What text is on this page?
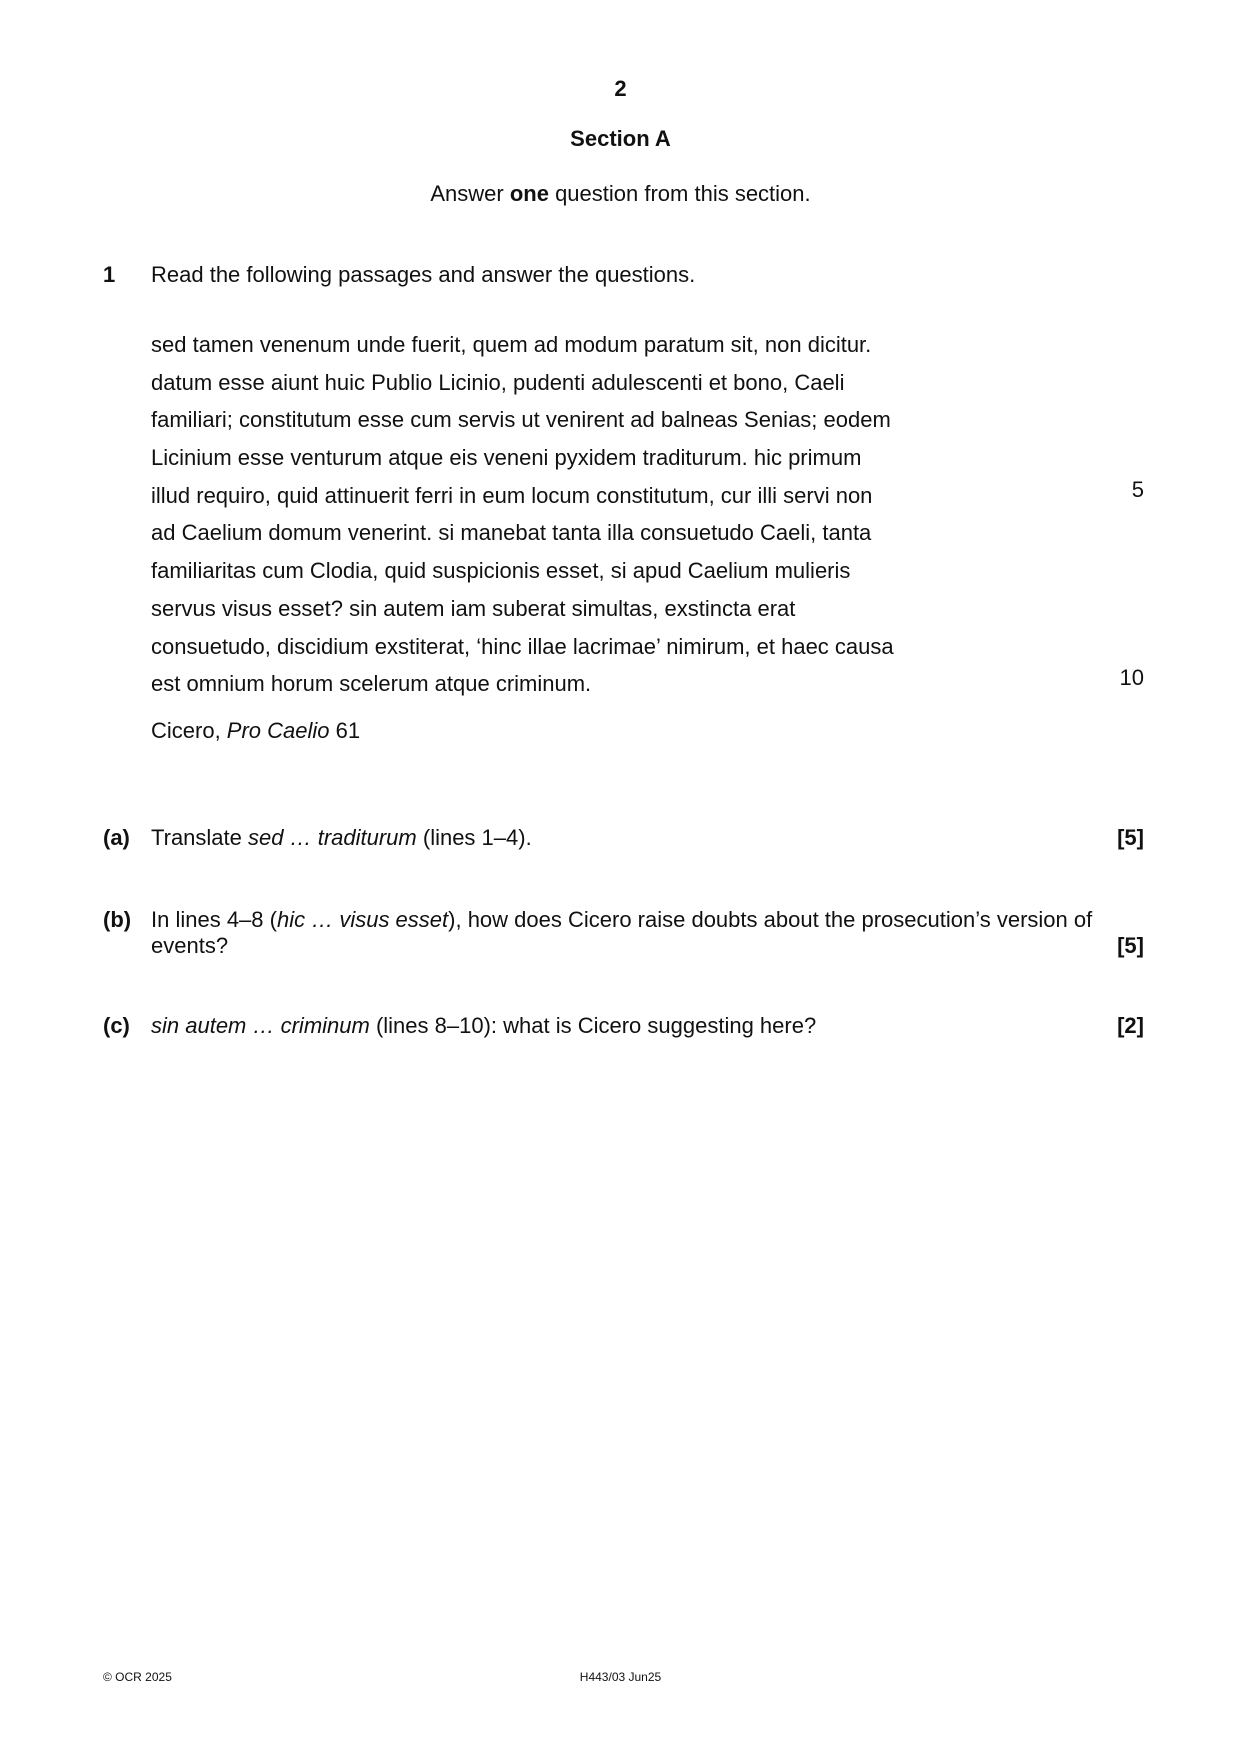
2
Section A
Answer one question from this section.
1 Read the following passages and answer the questions.
sed tamen venenum unde fuerit, quem ad modum paratum sit, non dicitur.
datum esse aiunt huic Publio Licinio, pudenti adulescenti et bono, Caeli
familiari; constitutum esse cum servis ut venirent ad balneas Senias; eodem
Licinium esse venturum atque eis veneni pyxidem traditurum. hic primum
illud requiro, quid attinuerit ferri in eum locum constitutum, cur illi servi non
ad Caelium domum venerint. si manebat tanta illa consuetudo Caeli, tanta
familiaritas cum Clodia, quid suspicionis esset, si apud Caelium mulieris
servus visus esset? sin autem iam suberat simultas, exstincta erat
consuetudo, discidium exstiterat, ‘hinc illae lacrimae’ nimirum, et haec causa
est omnium horum scelerum atque criminum.
5
10
Cicero, Pro Caelio 61
(a) Translate sed … traditurum (lines 1–4).	[5]
(b) In lines 4–8 (hic … visus esset), how does Cicero raise doubts about the prosecution’s version of events?	[5]
(c) sin autem … criminum (lines 8–10): what is Cicero suggesting here?	[2]
© OCR 2025	H443/03 Jun25
